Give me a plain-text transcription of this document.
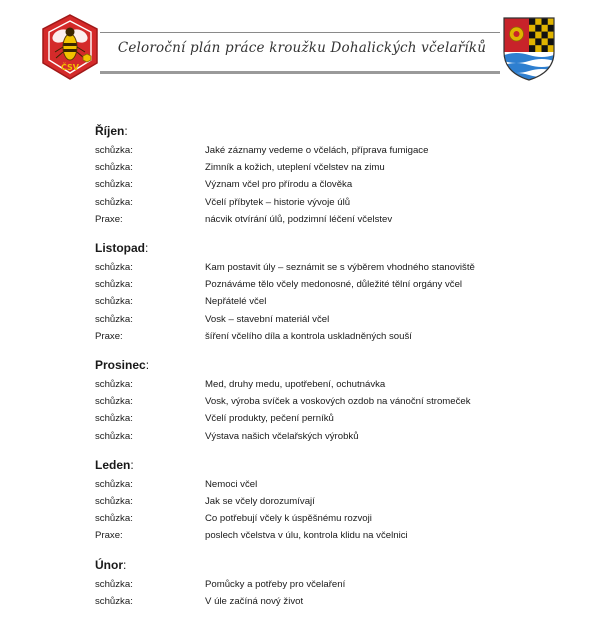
ČSV
Celoroční plán práce kroužku Dohalických včelaříků
Říjen:
schůzka:	Jaké záznamy vedeme o včelách, příprava fumigace
schůzka:	Zimník a kožich, uteplení včelstev na zimu
schůzka:	Význam včel pro přírodu a člověka
schůzka:	Včelí příbytek – historie vývoje úlů
Praxe:	nácvik otvírání úlů, podzimní léčení včelstev
Listopad:
schůzka:	Kam postavit úly – seznámit se s výběrem vhodného stanoviště
schůzka:	Poznáváme tělo včely medonosné, důležité tělní orgány včel
schůzka:	Nepřátelé včel
schůzka:	Vosk – stavební materiál včel
Praxe:	šíření včelího díla a kontrola uskladněných souší
Prosinec:
schůzka:	Med, druhy medu, upotřebení, ochutnávka
schůzka:	Vosk, výroba svíček a voskových ozdob na vánoční stromeček
schůzka:	Včelí produkty, pečení perníků
schůzka:	Výstava našich včelařských výrobků
Leden:
schůzka:	Nemoci včel
schůzka:	Jak se včely dorozumívají
schůzka:	Co potřebují včely k úspěšnému rozvoji
Praxe:	poslech včelstva v úlu, kontrola klidu na včelnici
Únor:
schůzka:	Pomůcky a potřeby pro včelaření
schůzka:	V úle začíná nový život
